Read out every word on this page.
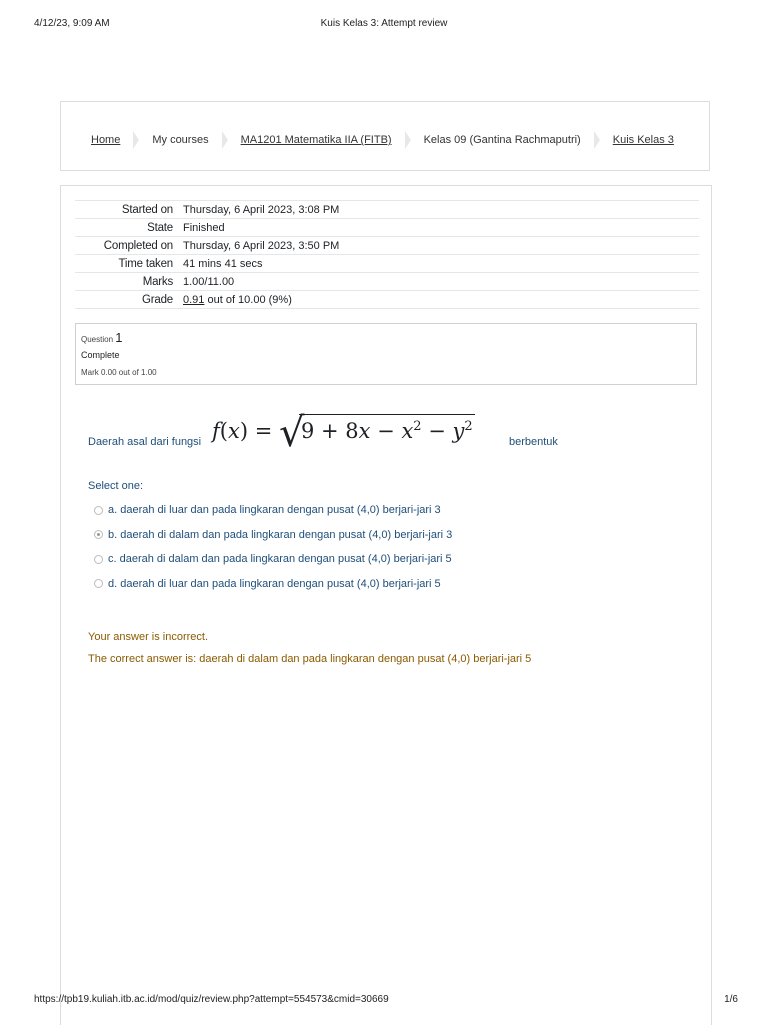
4/12/23, 9:09 AM	Kuis Kelas 3: Attempt review
Home	My courses	MA1201 Matematika IIA (FITB)	Kelas 09 (Gantina Rachmaputri)	Kuis Kelas 3
Started on	Thursday, 6 April 2023, 3:08 PM
State	Finished
Completed on	Thursday, 6 April 2023, 3:50 PM
Time taken	41 mins 41 secs
Marks	1.00/11.00
Grade	0.91 out of 10.00 (9%)
Question 1
Complete
Mark 0.00 out of 1.00
Daerah asal dari fungsi f(x) = √
$9 + 8x - x^2 - y^2$
berbentuk
Select one:
a. daerah di luar dan pada lingkaran dengan pusat (4,0) berjari-jari 3
b. daerah di dalam dan pada lingkaran dengan pusat (4,0) berjari-jari 3
c. daerah di dalam dan pada lingkaran dengan pusat (4,0) berjari-jari 5
d. daerah di luar dan pada lingkaran dengan pusat (4,0) berjari-jari 5
Your answer is incorrect.
The correct answer is: daerah di dalam dan pada lingkaran dengan pusat (4,0) berjari-jari 5
https://tpb19.kuliah.itb.ac.id/mod/quiz/review.php?attempt=554573&cmid=30669	1/6
